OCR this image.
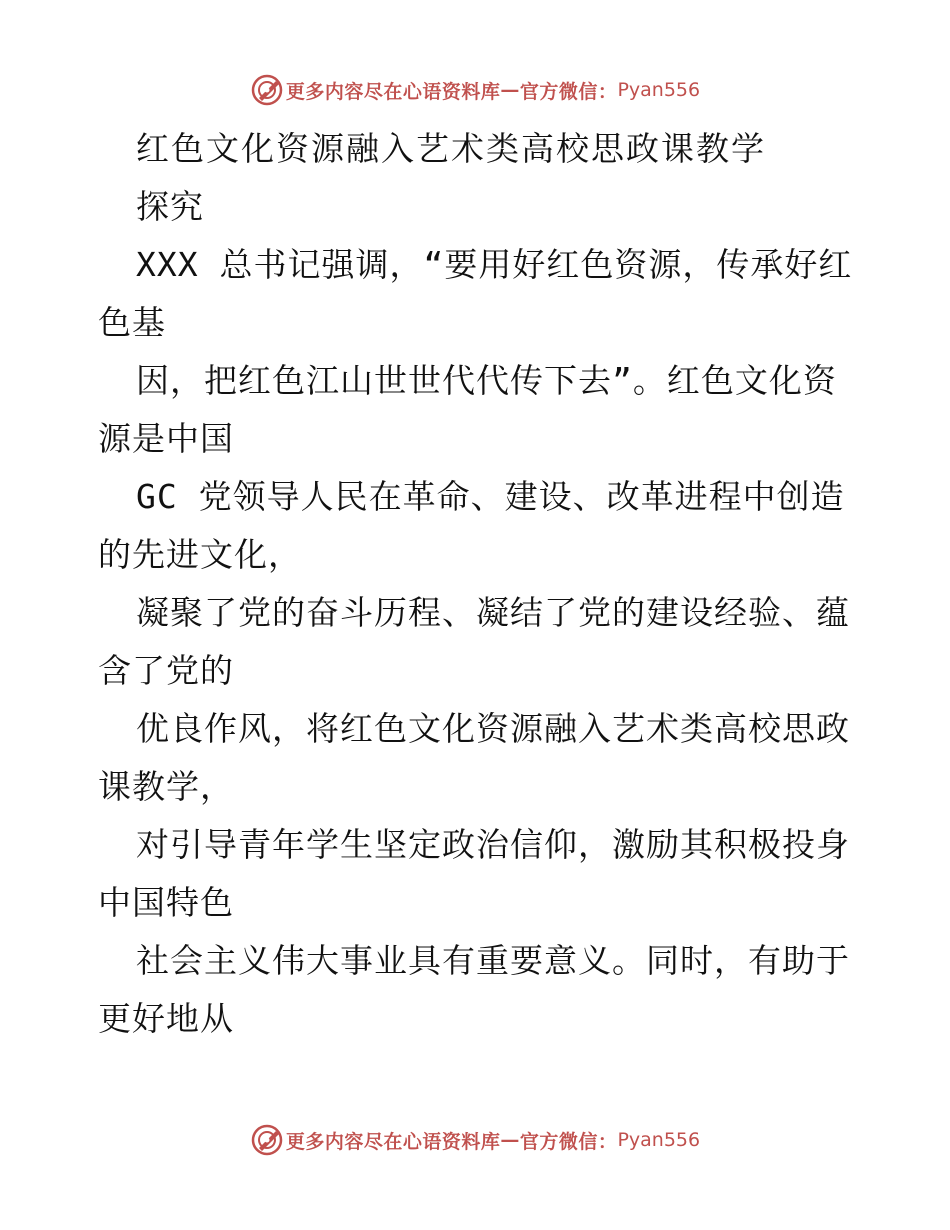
更多内容尽在心语资料库 — 官方微信： Pyan556
红色文化资源融入艺术类高校思政课教学
探究
XXX 总书记强调，“要用好红色资源，传承好红
色基
因，把红色江山世世代代传下去”。红色文化资
源是中国
GC 党领导人民在革命、建设、改革进程中创造
的先进文化，
凝聚了党的奋斗历程、凝结了党的建设经验、蕴
含了党的
优良作风，将红色文化资源融入艺术类高校思政
课教学，
对引导青年学生坚定政治信仰，激励其积极投身
中国特色
社会主义伟大事业具有重要意义。同时，有助于
更好地从
更多内容尽在心语资料库 — 官方微信： Pyan556
